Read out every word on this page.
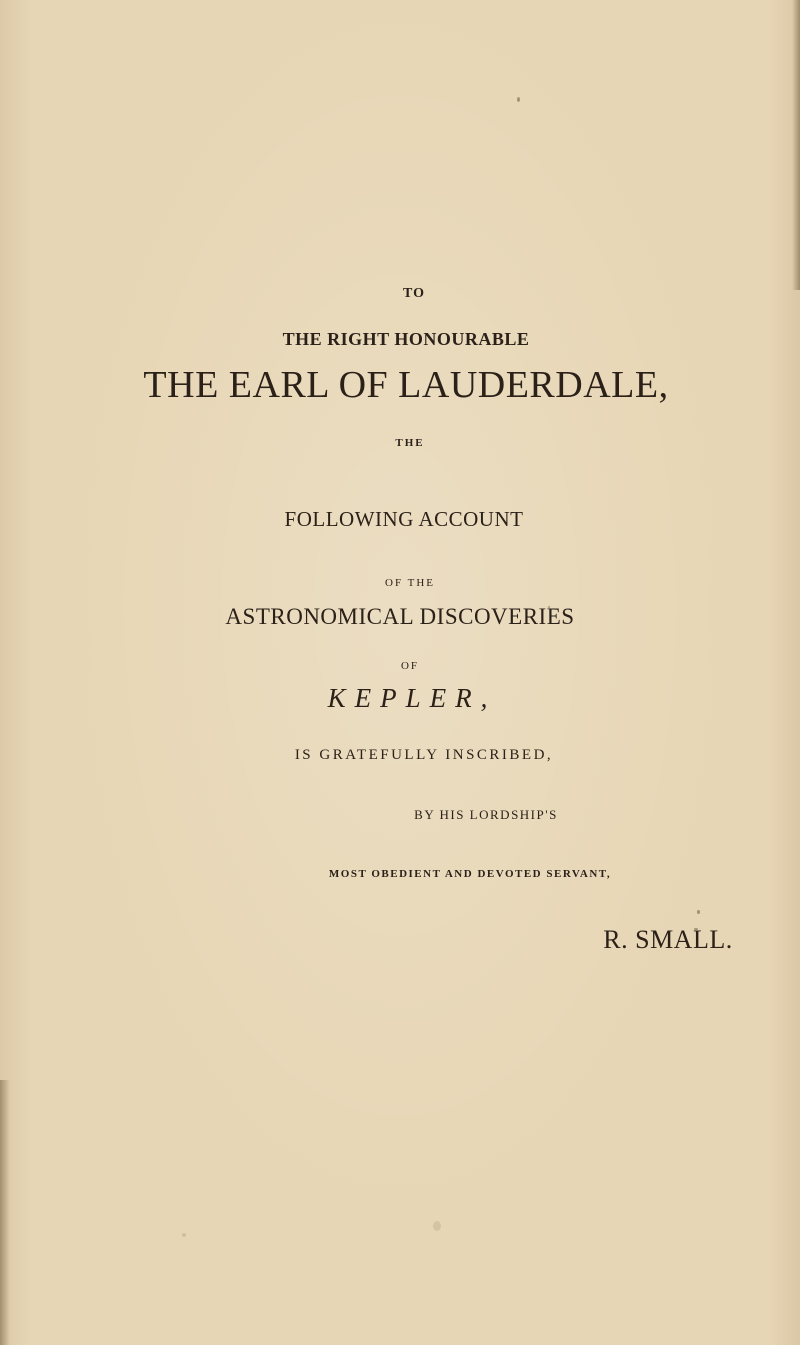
TO
THE RIGHT HONOURABLE
THE EARL OF LAUDERDALE,
THE
FOLLOWING ACCOUNT
OF THE
ASTRONOMICAL DISCOVERIES
OF
KEPLER,
IS GRATEFULLY INSCRIBED,
BY HIS LORDSHIP'S
MOST OBEDIENT AND DEVOTED SERVANT,
R. SMALL.
